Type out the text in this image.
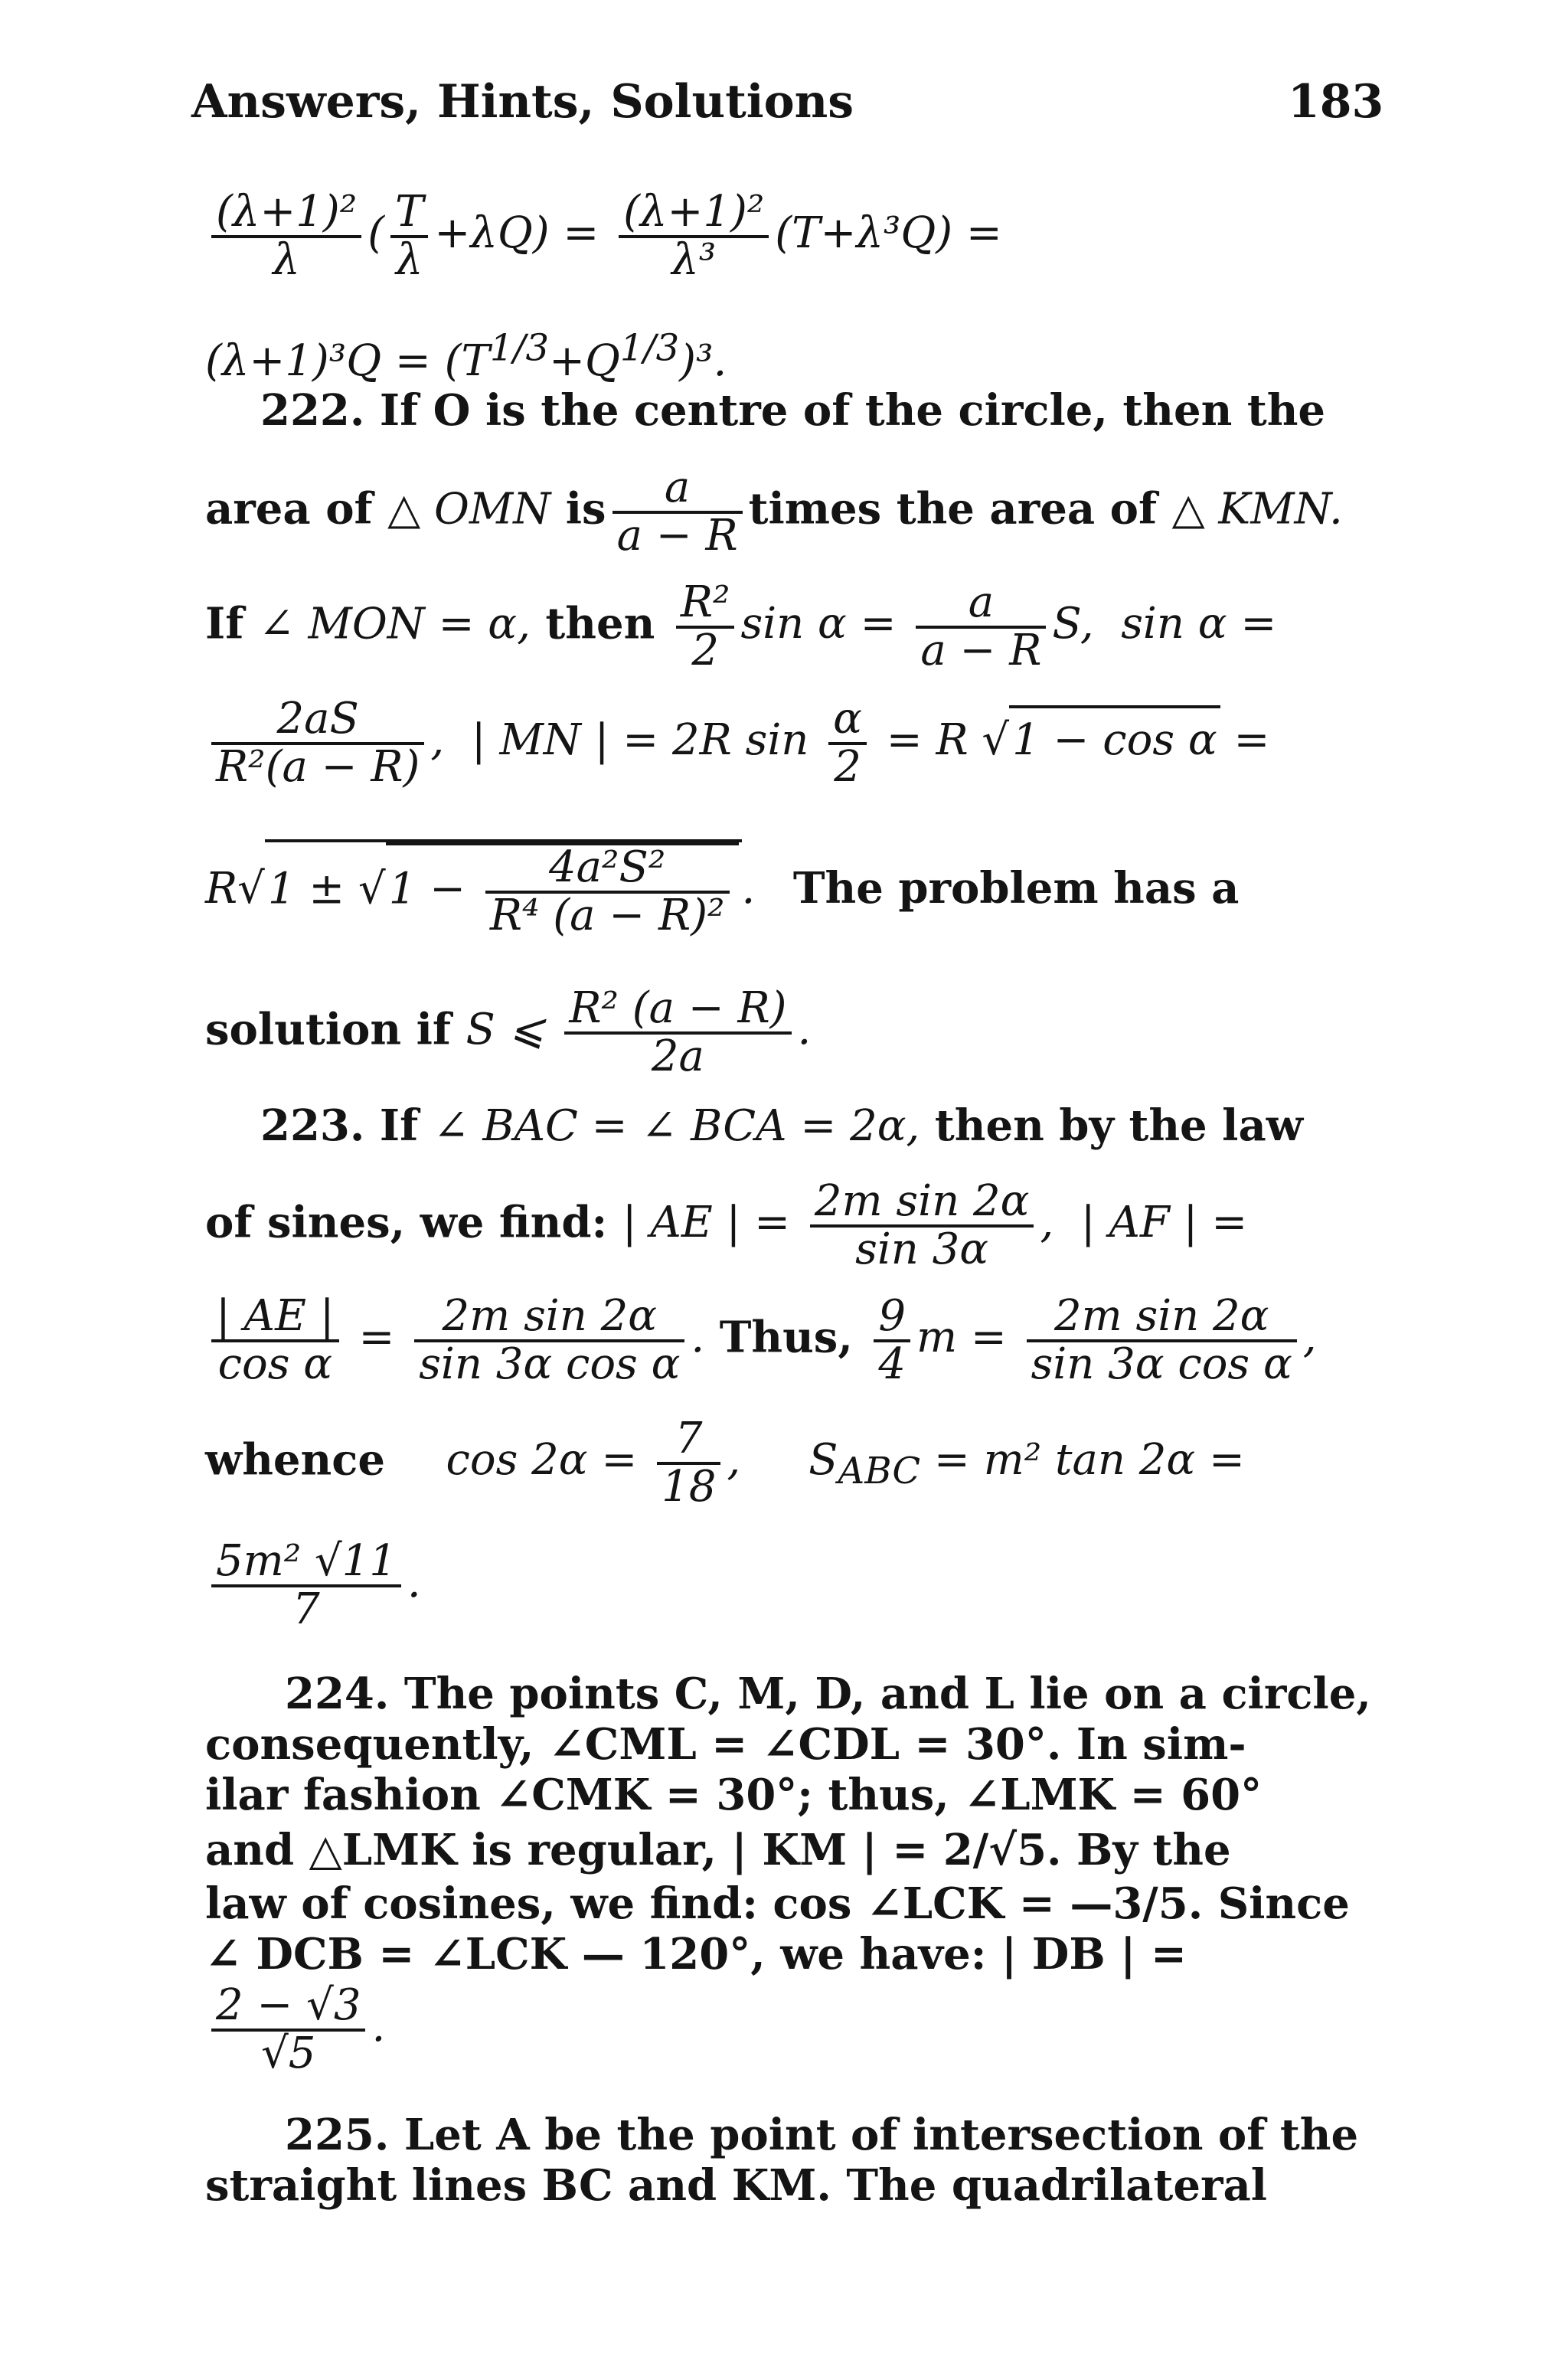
Answers, Hints, Solutions	183
$\frac{\text{(λ+1)²}}{\lambda}$ ( $\frac{T}{\lambda} +\lambda Q) = \frac{\text{(λ+1)²}}{\text{λ³}} (T+\lambda^3Q)$ =
$(\lambda+1)^3Q = (T^{1/3}+Q^{1/3})^3$.
222. If O is the centre of the circle, then the
area of △ OMN is $\frac{a}{a - R}$ times the area of △ KMN.
If ∠ MON = α, then $\frac{\text{R²}}{2}$ $\sin \alpha = \frac{a}{a - R} S$,  sin α =
$\frac{2aS}{\text{R²(a − R)}}$ ,  | MN | = 2R $\sin \frac{\alpha}{2} = R$ √1 − cos α =
$R√1 \pm √1 - \frac{\text{4a²S²}}{\text{R⁴ (a − R)²}}$ . The problem has a
solution if S ⩽ $\frac{\text{R² (a − R)}}{2a}$ .
223. If ∠ BAC = ∠ BCA = 2α, then by the law
of sines, we find: | AE | = $\frac{\text{2m sin 2α}}{\sin 3\alpha}$ ,  | AF | =
$\frac{| AE |}{\text{cos α}} = \frac{\text{2m sin 2α}}{\text{sin 3α cos α}}$ . Thus, $\frac{9}{4}$ $m = \frac{\text{2m sin 2α}}{\text{sin 3α cos α}}$ ,
whence $\cos 2\alpha = \frac{7}{18}$ ,     $S_{ABC} = m^2$ tan 2α =
$\frac{\text{5m² √11}}{7}$ .
224. The points C, M, D, and L lie on a circle,
consequently, ∠CML = ∠CDL = 30°. In sim-
ilar fashion ∠CMK = 30°; thus, ∠LMK = 60°
and △LMK is regular, | KM | = 2/√5. By the
law of cosines, we find: cos ∠LCK = —3/5. Since
∠ DCB = ∠LCK — 120°, we have: | DB | =
$\frac{2 - √3}{√5}$ .
225. Let A be the point of intersection of the
straight lines BC and KM. The quadrilateral
